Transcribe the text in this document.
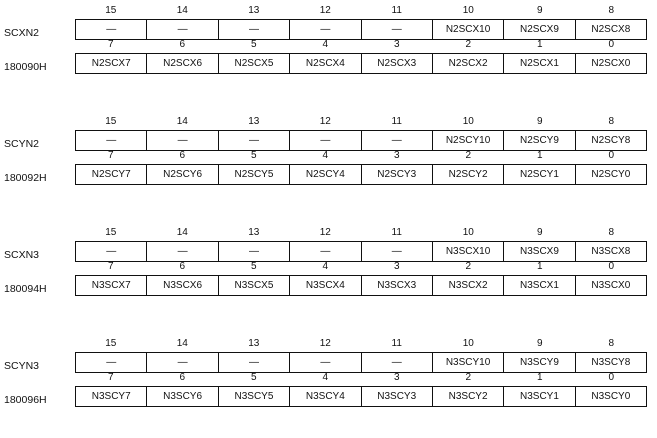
SCXN2
180090H
15	14	13	12	11	10	9	8
—	—	—	—	—	N2SCX10	N2SCX9	N2SCX8
7	6	5	4	3	2	1	0
N2SCX7	N2SCX6	N2SCX5	N2SCX4	N2SCX3	N2SCX2	N2SCX1	N2SCX0
SCYN2
180092H
15	14	13	12	11	10	9	8
—	—	—	—	—	N2SCY10	N2SCY9	N2SCY8
7	6	5	4	3	2	1	0
N2SCY7	N2SCY6	N2SCY5	N2SCY4	N2SCY3	N2SCY2	N2SCY1	N2SCY0
SCXN3
180094H
15	14	13	12	11	10	9	8
—	—	—	—	—	N3SCX10	N3SCX9	N3SCX8
7	6	5	4	3	2	1	0
N3SCX7	N3SCX6	N3SCX5	N3SCX4	N3SCX3	N3SCX2	N3SCX1	N3SCX0
SCYN3
180096H
15	14	13	12	11	10	9	8
—	—	—	—	—	N3SCY10	N3SCY9	N3SCY8
7	6	5	4	3	2	1	0
N3SCY7	N3SCY6	N3SCY5	N3SCY4	N3SCY3	N3SCY2	N3SCY1	N3SCY0
